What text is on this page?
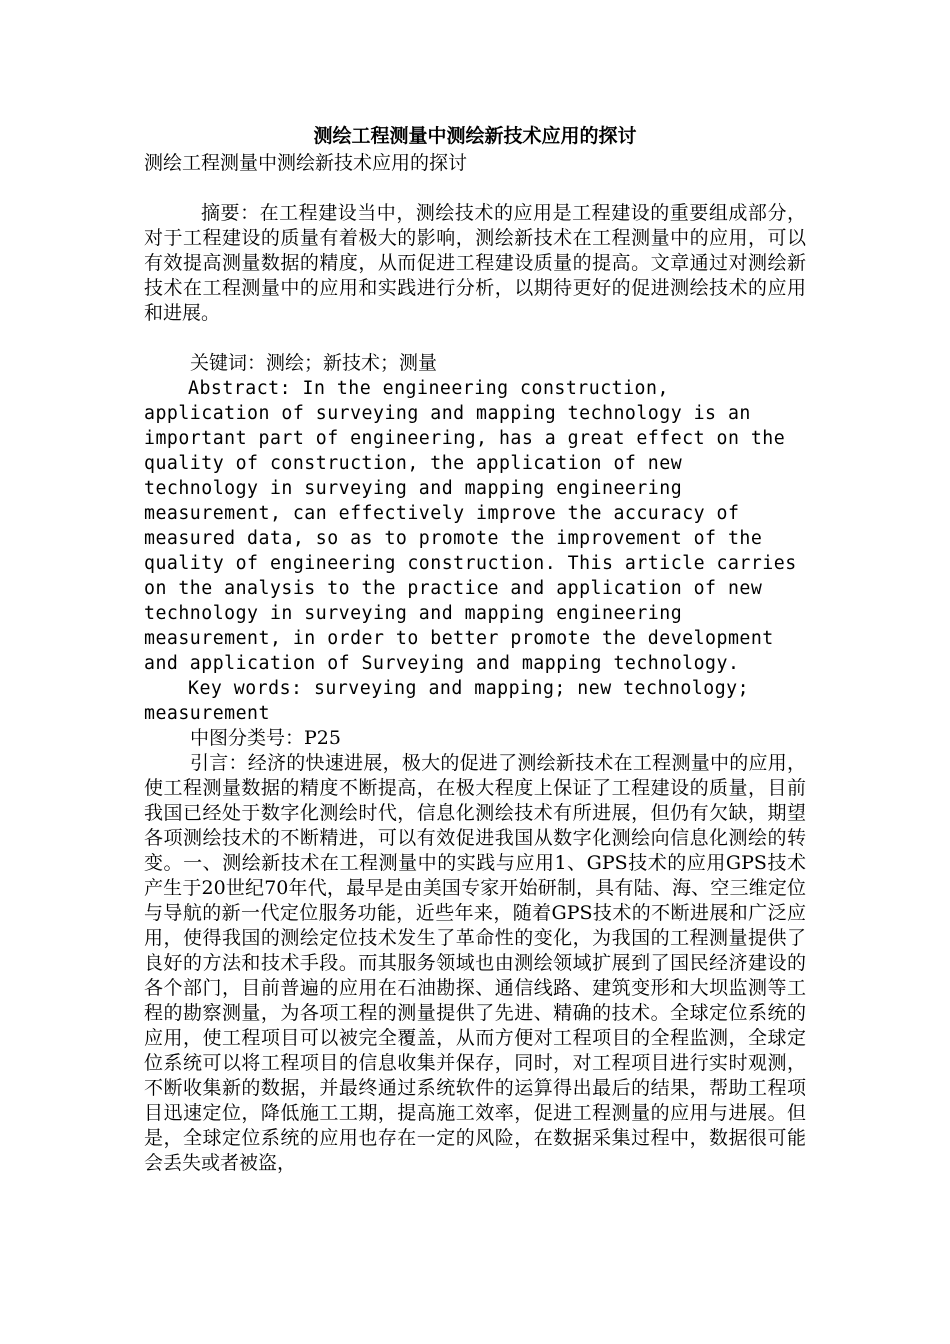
测绘工程测量中测绘新技术应用的探讨

测绘工程测量中测绘新技术应用的探讨

摘要：在工程建设当中，测绘技术的应用是工程建设的重要组成部分，对于工程建设的质量有着极大的影响，测绘新技术在工程测量中的应用，可以有效提高测量数据的精度，从而促进工程建设质量的提高。文章通过对测绘新技术在工程测量中的应用和实践进行分析，以期待更好的促进测绘技术的应用和进展。

关键词：测绘；新技术；测量

Abstract: In the engineering construction, application of surveying and mapping technology is an important part of engineering, has a great effect on the quality of construction, the application of new technology in surveying and mapping engineering measurement, can effectively improve the accuracy of measured data, so as to promote the improvement of the quality of engineering construction. This article carries on the analysis to the practice and application of new technology in surveying and mapping engineering measurement, in order to better promote the development and application of Surveying and mapping technology.

Key words: surveying and mapping; new technology; measurement

中图分类号：P25

引言：经济的快速进展，极大的促进了测绘新技术在工程测量中的应用，使工程测量数据的精度不断提高，在极大程度上保证了工程建设的质量，目前我国已经处于数字化测绘时代，信息化测绘技术有所进展，但仍有欠缺，期望各项测绘技术的不断精进，可以有效促进我国从数字化测绘向信息化测绘的转变。一、测绘新技术在工程测量中的实践与应用1、GPS技术的应用GPS技术产生于20世纪70年代，最早是由美国专家开始研制，具有陆、海、空三维定位与导航的新一代定位服务功能，近些年来，随着GPS技术的不断进展和广泛应用，使得我国的测绘定位技术发生了革命性的变化，为我国的工程测量提供了良好的方法和技术手段。而其服务领域也由测绘领域扩展到了国民经济建设的各个部门，目前普遍的应用在石油勘探、通信线路、建筑变形和大坝监测等工程的勘察测量，为各项工程的测量提供了先进、精确的技术。全球定位系统的应用，使工程项目可以被完全覆盖，从而方便对工程项目的全程监测，全球定位系统可以将工程项目的信息收集并保存，同时，对工程项目进行实时观测，不断收集新的数据，并最终通过系统软件的运算得出最后的结果，帮助工程项目迅速定位，降低施工工期，提高施工效率，促进工程测量的应用与进展。但是，全球定位系统的应用也存在一定的风险，在数据采集过程中，数据很可能会丢失或者被盗，
